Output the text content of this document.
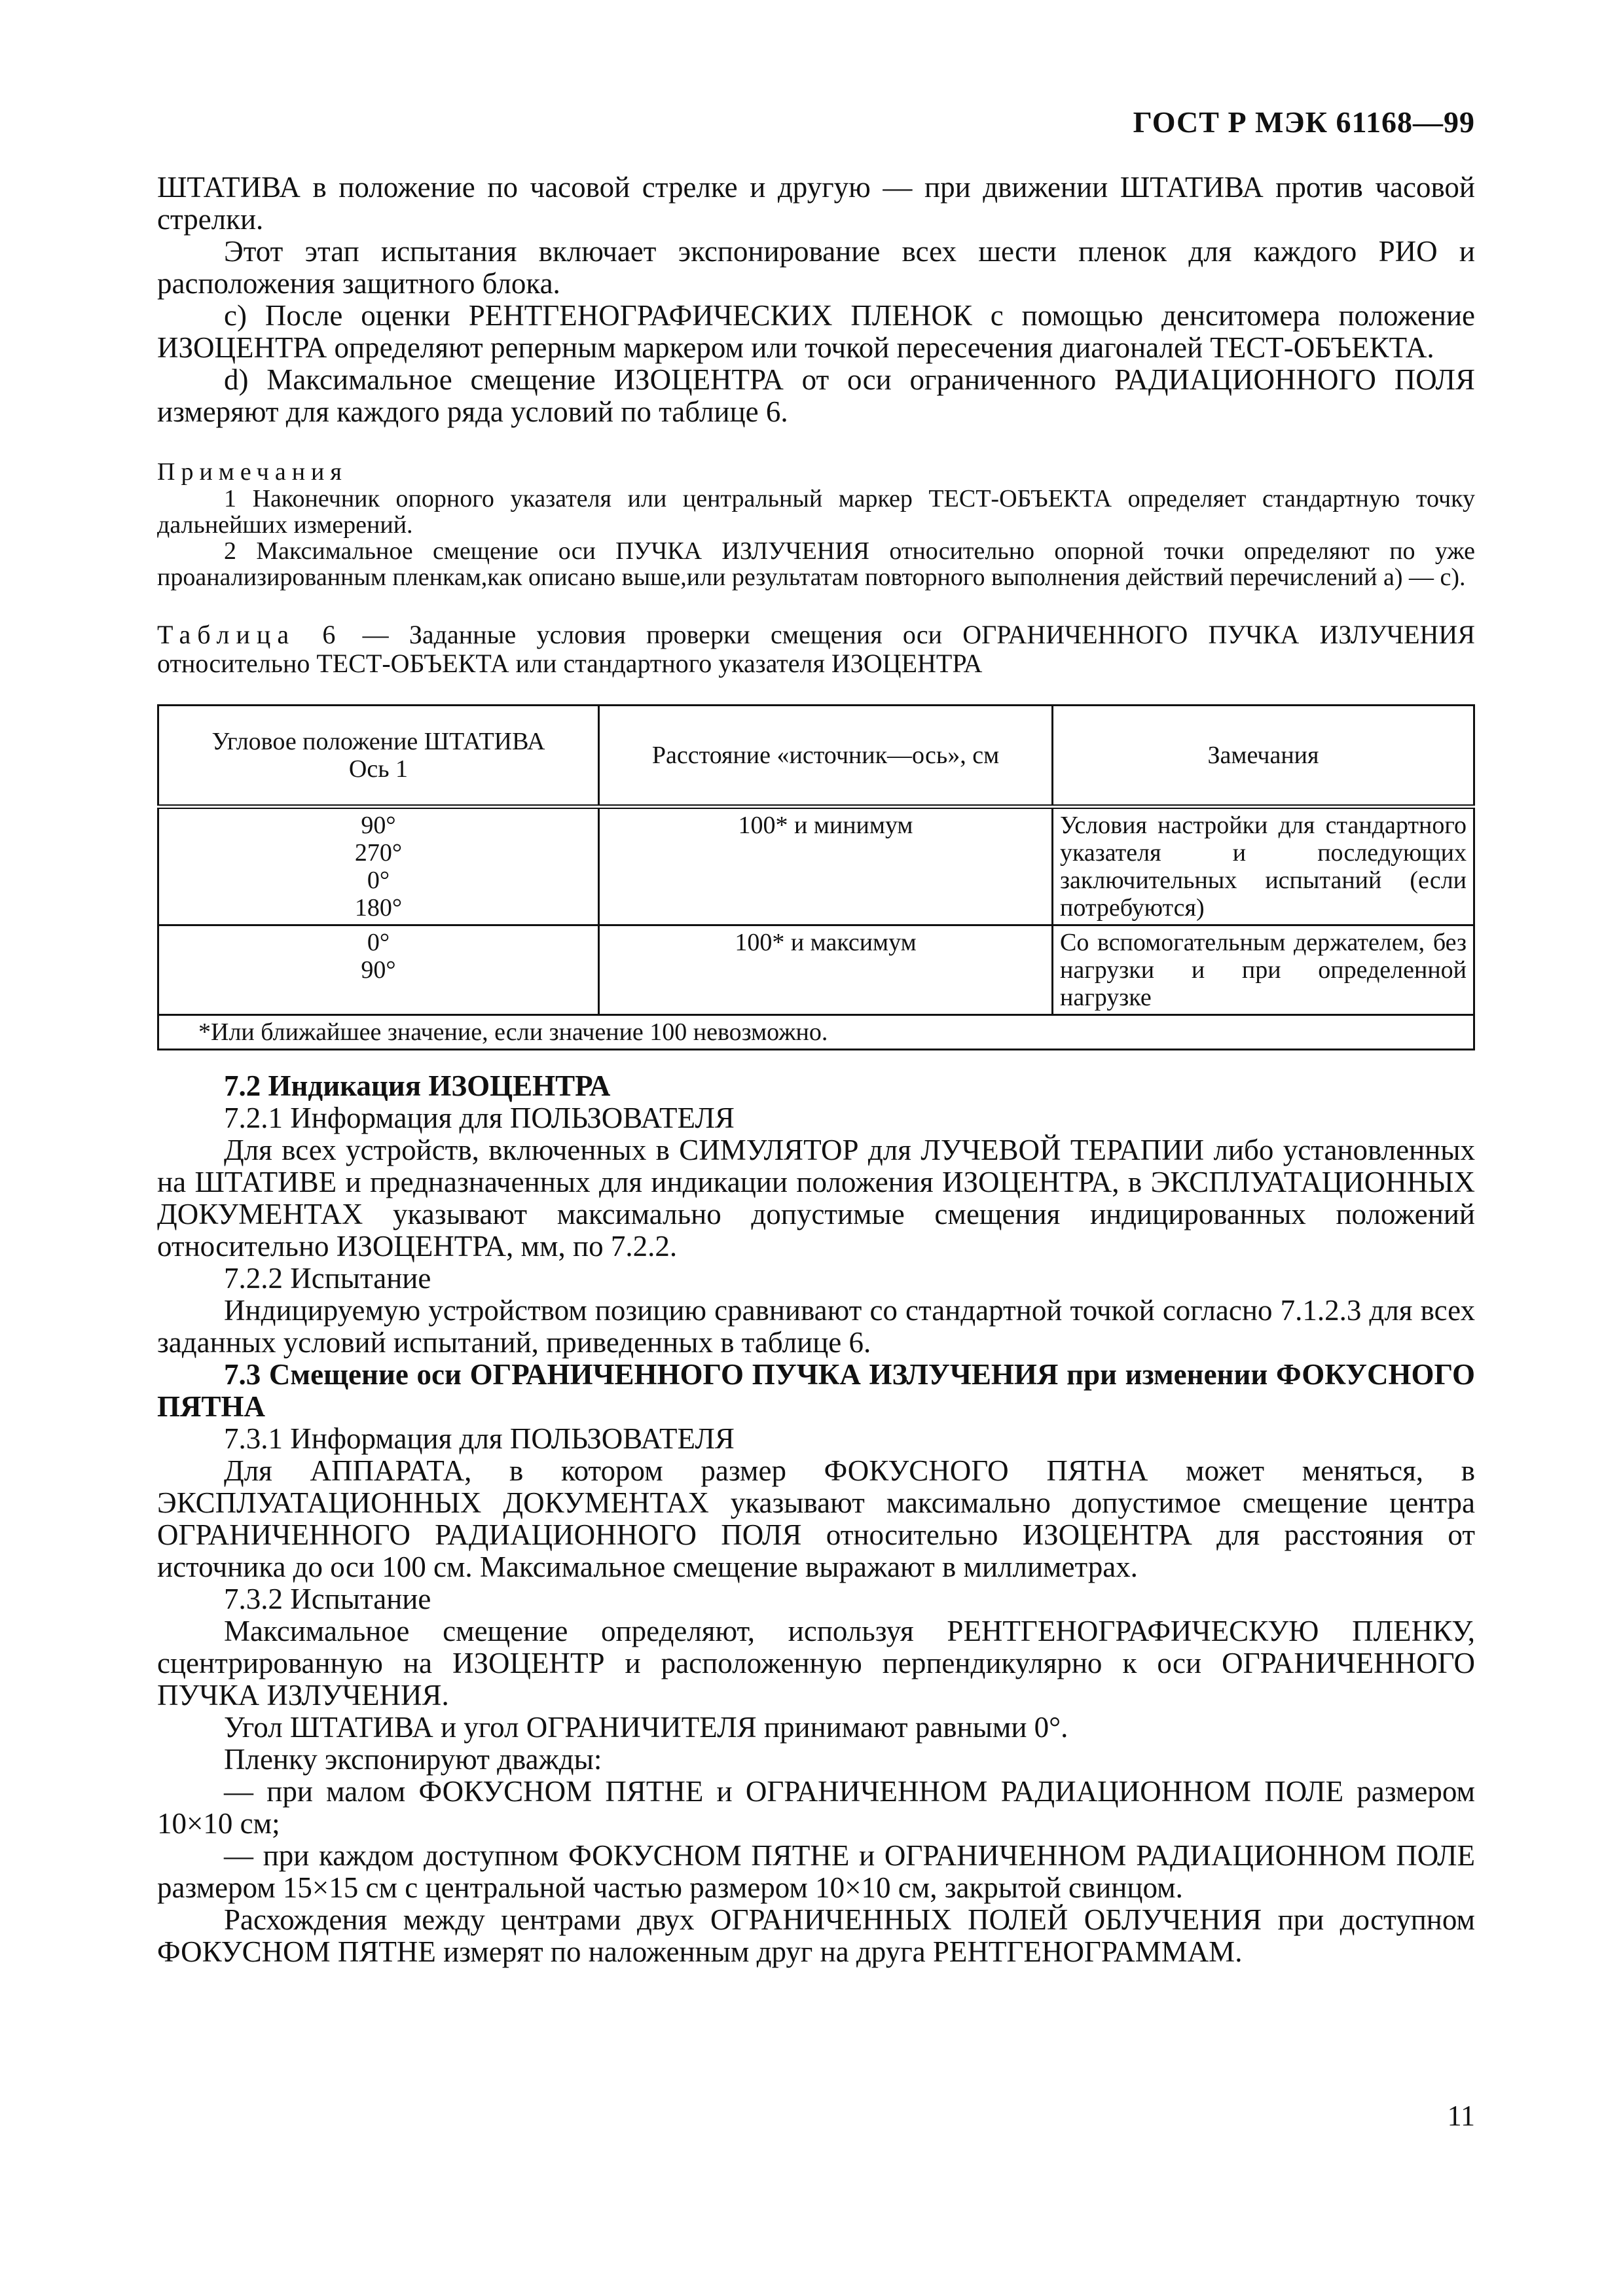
ГОСТ Р МЭК 61168—99

ШТАТИВА в положение по часовой стрелке и другую — при движении ШТАТИВА против часовой стрелки.

Этот этап испытания включает экспонирование всех шести пленок для каждого РИО и расположения защитного блока.

c) После оценки РЕНТГЕНОГРАФИЧЕСКИХ ПЛЕНОК с помощью денситомера положение ИЗОЦЕНТРА определяют реперным маркером или точкой пересечения диагоналей ТЕСТ-ОБЪЕКТА.

d) Максимальное смещение ИЗОЦЕНТРА от оси ограниченного РАДИАЦИОННОГО ПОЛЯ измеряют для каждого ряда условий по таблице 6.

Примечания

1 Наконечник опорного указателя или центральный маркер ТЕСТ-ОБЪЕКТА определяет стандартную точку дальнейших измерений.

2 Максимальное смещение оси ПУЧКА ИЗЛУЧЕНИЯ относительно опорной точки определяют по уже проанализированным пленкам,как описано выше,или результатам повторного выполнения действий перечислений а) — с).

Таблица 6 — Заданные условия проверки смещения оси ОГРАНИЧЕННОГО ПУЧКА ИЗЛУЧЕНИЯ относительно ТЕСТ-ОБЪЕКТА или стандартного указателя ИЗОЦЕНТРА

Угловое положение ШТАТИВА
Ось 1	Расстояние «источник—ось», см	Замечания
90°
270°
0°
180°	100* и минимум	Условия настройки для стандартного указателя и последующих заключительных испытаний (если потребуются)
0°
90°	100* и максимум	Со вспомогательным держателем, без нагрузки и при определенной нагрузке
*Или ближайшее значение, если значение 100 невозможно.		

7.2 Индикация ИЗОЦЕНТРА

7.2.1 Информация для ПОЛЬЗОВАТЕЛЯ

Для всех устройств, включенных в СИМУЛЯТОР для ЛУЧЕВОЙ ТЕРАПИИ либо установленных на ШТАТИВЕ и предназначенных для индикации положения ИЗОЦЕНТРА, в ЭКСПЛУАТАЦИОННЫХ ДОКУМЕНТАХ указывают максимально допустимые смещения индицированных положений относительно ИЗОЦЕНТРА, мм, по 7.2.2.

7.2.2 Испытание

Индицируемую устройством позицию сравнивают со стандартной точкой согласно 7.1.2.3 для всех заданных условий испытаний, приведенных в таблице 6.

7.3 Смещение оси ОГРАНИЧЕННОГО ПУЧКА ИЗЛУЧЕНИЯ при изменении ФОКУСНОГО ПЯТНА

7.3.1 Информация для ПОЛЬЗОВАТЕЛЯ

Для АППАРАТА, в котором размер ФОКУСНОГО ПЯТНА может меняться, в ЭКСПЛУАТАЦИОННЫХ ДОКУМЕНТАХ указывают максимально допустимое смещение центра ОГРАНИЧЕННОГО РАДИАЦИОННОГО ПОЛЯ относительно ИЗОЦЕНТРА для расстояния от источника до оси 100 см. Максимальное смещение выражают в миллиметрах.

7.3.2 Испытание

Максимальное смещение определяют, используя РЕНТГЕНОГРАФИЧЕСКУЮ ПЛЕНКУ, сцентрированную на ИЗОЦЕНТР и расположенную перпендикулярно к оси ОГРАНИЧЕННОГО ПУЧКА ИЗЛУЧЕНИЯ.

Угол ШТАТИВА и угол ОГРАНИЧИТЕЛЯ принимают равными 0°.

Пленку экспонируют дважды:

— при малом ФОКУСНОМ ПЯТНЕ и ОГРАНИЧЕННОМ РАДИАЦИОННОМ ПОЛЕ размером 10×10 см;

— при каждом доступном ФОКУСНОМ ПЯТНЕ и ОГРАНИЧЕННОМ РАДИАЦИОННОМ ПОЛЕ размером 15×15 см с центральной частью размером 10×10 см, закрытой свинцом.

Расхождения между центрами двух ОГРАНИЧЕННЫХ ПОЛЕЙ ОБЛУЧЕНИЯ при доступном ФОКУСНОМ ПЯТНЕ измерят по наложенным друг на друга РЕНТГЕНОГРАММАМ.

11
